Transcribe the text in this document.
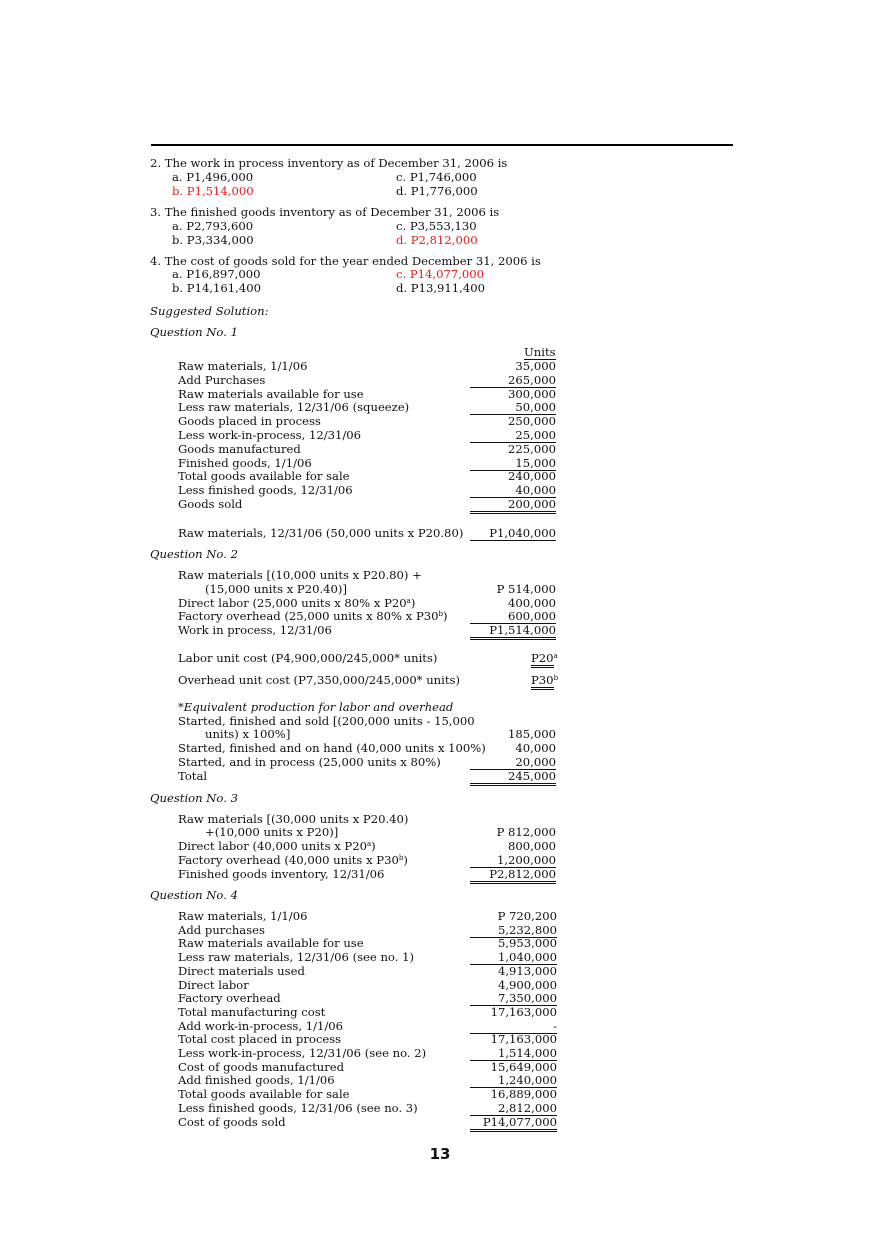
2. The work in process inventory as of December 31, 2006 is
a. P1,496,000	c. P1,746,000
b. P1,514,000	d. P1,776,000
3. The finished goods inventory as of December 31, 2006 is
a. P2,793,600	c. P3,553,130
b. P3,334,000	d. P2,812,000
4. The cost of goods sold for the year ended December 31, 2006 is
a. P16,897,000	c. P14,077,000
b. P14,161,400	d. P13,911,400
Suggested Solution:
Question No. 1
Units
Raw materials, 1/1/06	35,000
Add Purchases	265,000
Raw materials available for use	300,000
Less raw materials, 12/31/06 (squeeze)	50,000
Goods placed in process	250,000
Less work-in-process, 12/31/06	25,000
Goods manufactured	225,000
Finished goods, 1/1/06	15,000
Total goods available for sale	240,000
Less finished goods, 12/31/06	40,000
Goods sold	200,000
Raw materials, 12/31/06 (50,000 units x P20.80)	P1,040,000
Question No. 2
Raw materials [(10,000 units x P20.80) +
(15,000 units x P20.40)]	P 514,000
Direct labor (25,000 units x 80% x P20$^a$)	400,000
Factory overhead (25,000 units x 80% x P30$^b$)	600,000
Work in process, 12/31/06	P1,514,000
Labor unit cost (P4,900,000/245,000* units)	P20$^a$
Overhead unit cost (P7,350,000/245,000* units)	P30$^b$
*Equivalent production for labor and overhead
Started, finished and sold [(200,000 units - 15,000
units) x 100%]	185,000
Started, finished and on hand (40,000 units x 100%)	40,000
Started, and in process (25,000 units x 80%)	20,000
Total	245,000
Question No. 3
Raw materials [(30,000 units x P20.40)
+(10,000 units x P20)]	P 812,000
Direct labor (40,000 units x P20$^a$)	800,000
Factory overhead (40,000 units x P30$^b$)	1,200,000
Finished goods inventory, 12/31/06	P2,812,000
Question No. 4
Raw materials, 1/1/06	P 720,200
Add purchases	5,232,800
Raw materials available for use	5,953,000
Less raw materials, 12/31/06 (see no. 1)	1,040,000
Direct materials used	4,913,000
Direct labor	4,900,000
Factory overhead	7,350,000
Total manufacturing cost	17,163,000
Add work-in-process, 1/1/06	-
Total cost placed in process	17,163,000
Less work-in-process, 12/31/06 (see no. 2)	1,514,000
Cost of goods manufactured	15,649,000
Add finished goods, 1/1/06	1,240,000
Total goods available for sale	16,889,000
Less finished goods, 12/31/06 (see no. 3)	2,812,000
Cost of goods sold	P14,077,000
13
